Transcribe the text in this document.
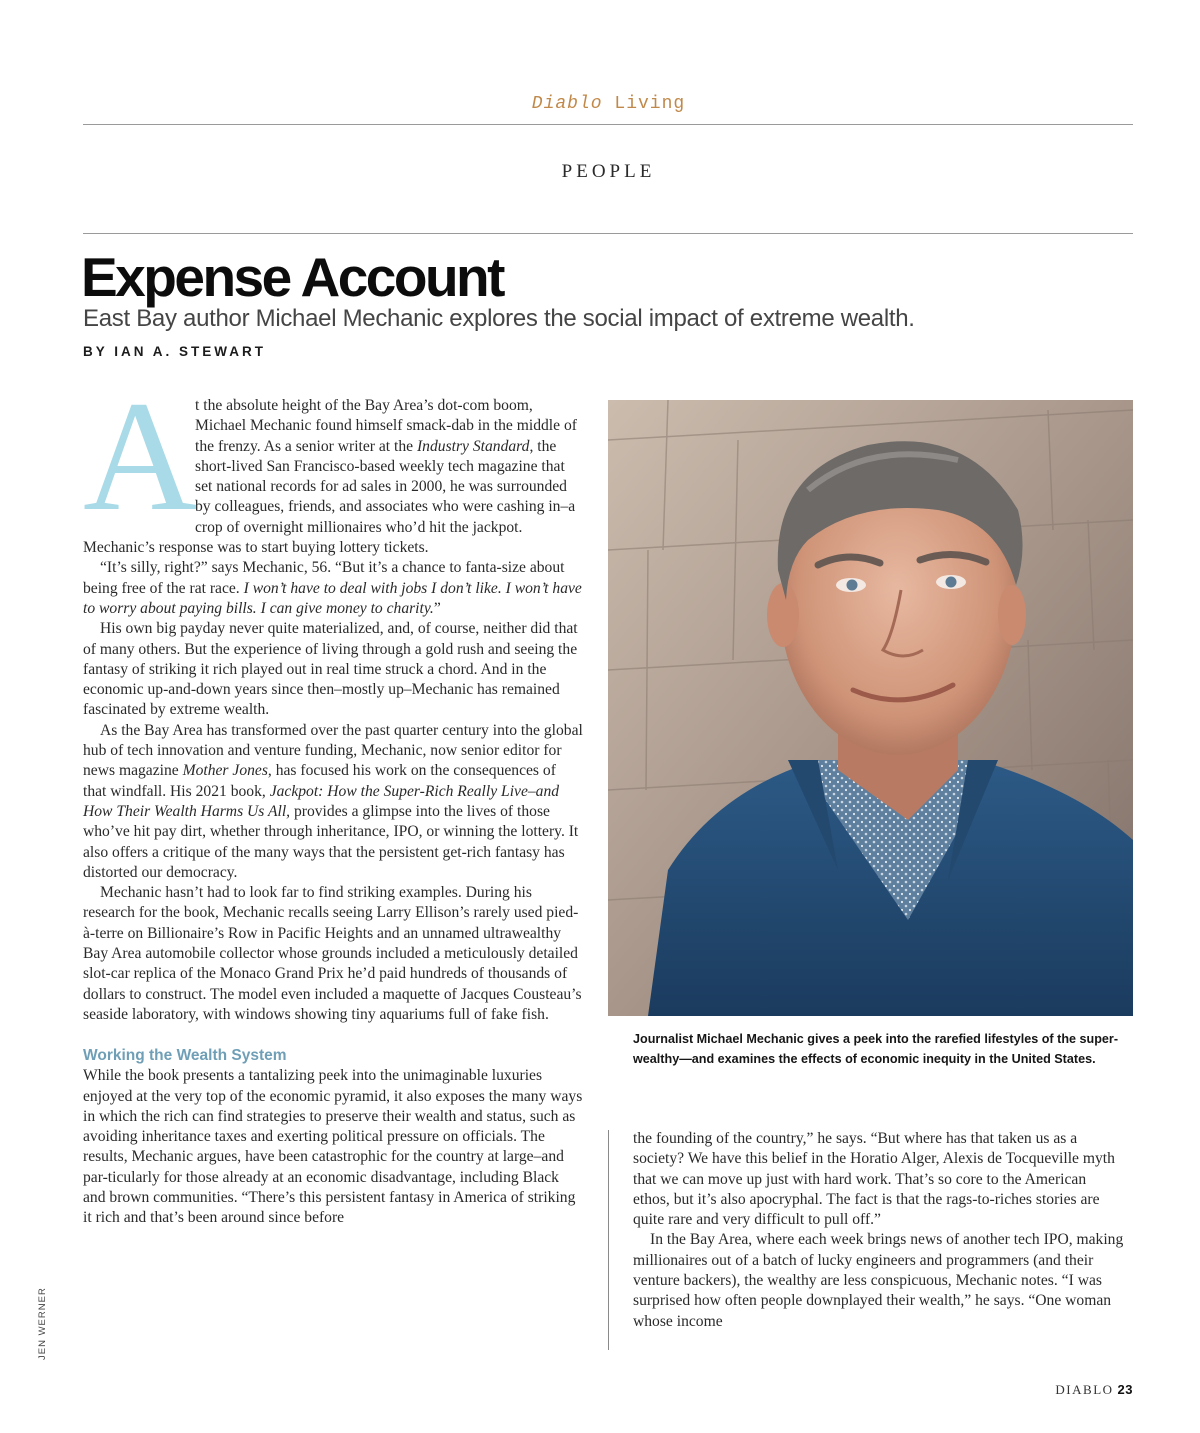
Diablo Living
PEOPLE
Expense Account
East Bay author Michael Mechanic explores the social impact of extreme wealth.
BY IAN A. STEWART

A
t the absolute height of the Bay Area’s dot-com boom, Michael Mechanic found himself smack-dab in the middle of the frenzy. As a senior writer at the Industry Standard, the short-lived San Francisco-based weekly tech magazine that set national records for ad sales in 2000, he was surrounded by colleagues, friends, and associates who were cashing in–a crop of overnight millionaires who’d hit the jackpot. Mechanic’s response was to start buying lottery tickets.

“It’s silly, right?” says Mechanic, 56. “But it’s a chance to fanta-size about being free of the rat race. I won’t have to deal with jobs I don’t like. I won’t have to worry about paying bills. I can give money to charity.”

His own big payday never quite materialized, and, of course, neither did that of many others. But the experience of living through a gold rush and seeing the fantasy of striking it rich played out in real time struck a chord. And in the economic up-and-down years since then–mostly up–Mechanic has remained fascinated by extreme wealth.

As the Bay Area has transformed over the past quarter century into the global hub of tech innovation and venture funding, Mechanic, now senior editor for news magazine Mother Jones, has focused his work on the consequences of that windfall. His 2021 book, Jackpot: How the Super-Rich Really Live–and How Their Wealth Harms Us All, provides a glimpse into the lives of those who’ve hit pay dirt, whether through inheritance, IPO, or winning the lottery. It also offers a critique of the many ways that the persistent get-rich fantasy has distorted our democracy.

Mechanic hasn’t had to look far to find striking examples. During his research for the book, Mechanic recalls seeing Larry Ellison’s rarely used pied-à-terre on Billionaire’s Row in Pacific Heights and an unnamed ultrawealthy Bay Area automobile collector whose grounds included a meticulously detailed slot-car replica of the Monaco Grand Prix he’d paid hundreds of thousands of dollars to construct. The model even included a maquette of Jacques Cousteau’s seaside laboratory, with windows showing tiny aquariums full of fake fish.

Working the Wealth System

While the book presents a tantalizing peek into the unimaginable luxuries enjoyed at the very top of the economic pyramid, it also exposes the many ways in which the rich can find strategies to preserve their wealth and status, such as avoiding inheritance taxes and exerting political pressure on officials. The results, Mechanic argues, have been catastrophic for the country at large–and par-ticularly for those already at an economic disadvantage, including Black and brown communities. “There’s this persistent fantasy in America of striking it rich and that’s been around since before

Journalist Michael Mechanic gives a peek into the rarefied lifestyles of the super-wealthy—and examines the effects of economic inequity in the United States.

the founding of the country,” he says. “But where has that taken us as a society? We have this belief in the Horatio Alger, Alexis de Tocqueville myth that we can move up just with hard work. That’s so core to the American ethos, but it’s also apocryphal. The fact is that the rags-to-riches stories are quite rare and very difficult to pull off.”

In the Bay Area, where each week brings news of another tech IPO, making millionaires out of a batch of lucky engineers and programmers (and their venture backers), the wealthy are less conspicuous, Mechanic notes. “I was surprised how often people downplayed their wealth,” he says. “One woman whose income

JEN WERNER
DIABLO 23
